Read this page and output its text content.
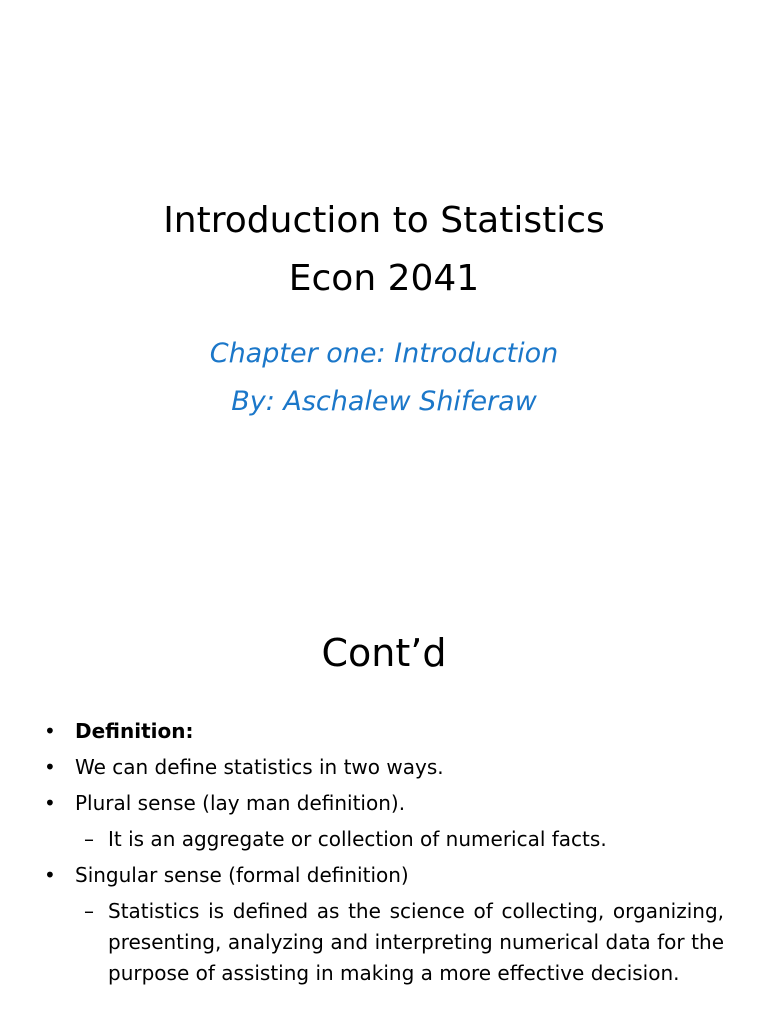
Introduction to Statistics
Econ 2041
Chapter one: Introduction
By: Aschalew Shiferaw
Cont’d
• Definition:
• We can define statistics in two ways.
• Plural sense (lay man definition).
– It is an aggregate or collection of numerical facts.
• Singular sense (formal definition)
– Statistics is defined as the science of collecting, organizing, presenting, analyzing and interpreting numerical data for the purpose of assisting in making a more effective decision.
